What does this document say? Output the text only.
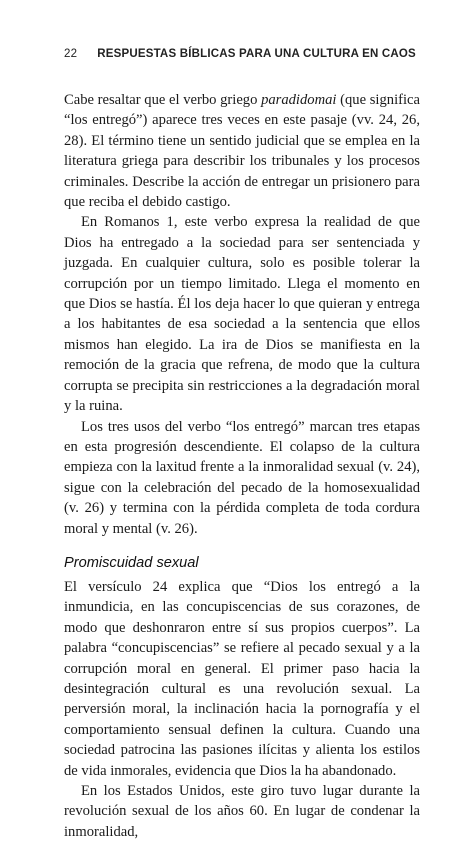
22 RESPUESTAS BÍBLICAS PARA UNA CULTURA EN CAOS

Cabe resaltar que el verbo griego paradidomai (que significa “los entregó”) aparece tres veces en este pasaje (vv. 24, 26, 28). El término tiene un sentido judicial que se emplea en la literatura griega para describir los tribunales y los procesos criminales. Describe la acción de entregar un prisionero para que reciba el debido castigo.

En Romanos 1, este verbo expresa la realidad de que Dios ha entregado a la sociedad para ser sentenciada y juzgada. En cualquier cultura, solo es posible tolerar la corrupción por un tiempo limitado. Llega el momento en que Dios se hastía. Él los deja hacer lo que quieran y entrega a los habitantes de esa sociedad a la sentencia que ellos mismos han elegido. La ira de Dios se manifiesta en la remoción de la gracia que refrena, de modo que la cultura corrupta se precipita sin restricciones a la degradación moral y la ruina.

Los tres usos del verbo “los entregó” marcan tres etapas en esta progresión descendiente. El colapso de la cultura empieza con la laxitud frente a la inmoralidad sexual (v. 24), sigue con la celebración del pecado de la homosexualidad (v. 26) y termina con la pérdida completa de toda cordura moral y mental (v. 26).

Promiscuidad sexual

El versículo 24 explica que “Dios los entregó a la inmundicia, en las concupiscencias de sus corazones, de modo que deshonraron entre sí sus propios cuerpos”. La palabra “concupiscencias” se refiere al pecado sexual y a la corrupción moral en general. El primer paso hacia la desintegración cultural es una revolución sexual. La perversión moral, la inclinación hacia la pornografía y el comportamiento sensual definen la cultura. Cuando una sociedad patrocina las pasiones ilícitas y alienta los estilos de vida inmorales, evidencia que Dios la ha abandonado.

En los Estados Unidos, este giro tuvo lugar durante la revolución sexual de los años 60. En lugar de condenar la inmoralidad,
